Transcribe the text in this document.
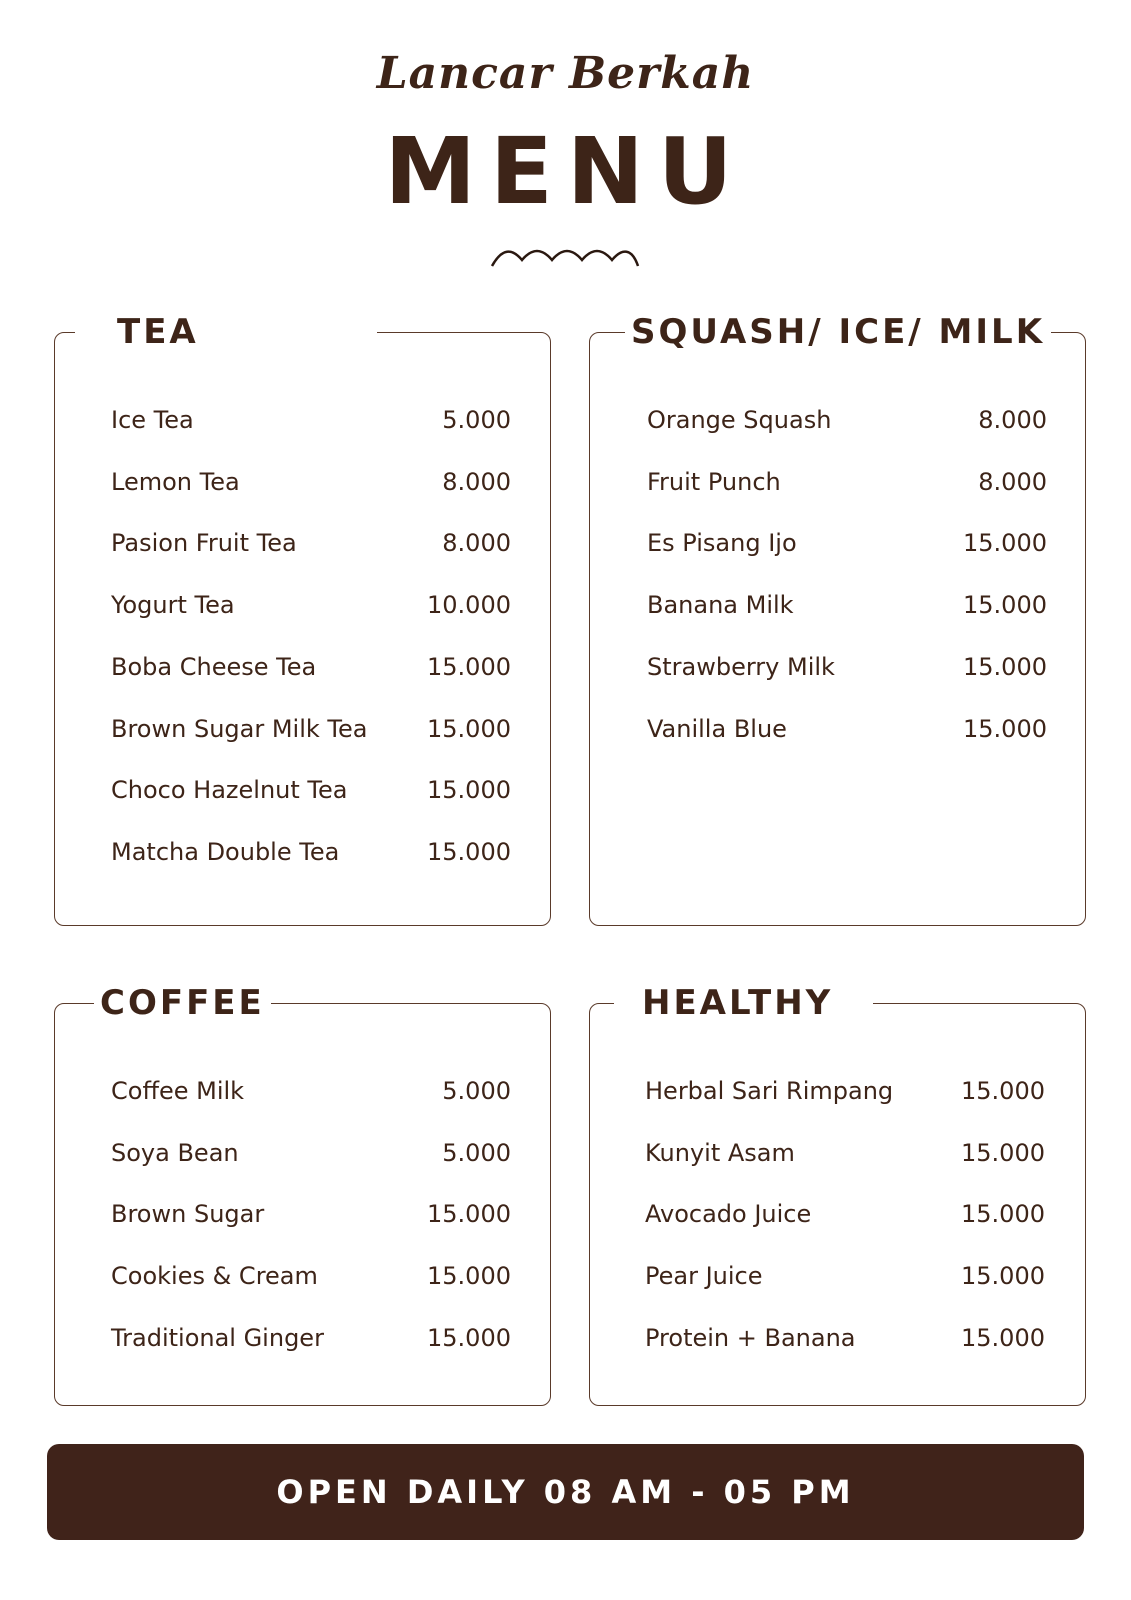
Lancar Berkah
MENU
TEA
Ice Tea	5.000
Lemon Tea	8.000
Pasion Fruit Tea	8.000
Yogurt Tea	10.000
Boba Cheese Tea	15.000
Brown Sugar Milk Tea 15.000
Choco Hazelnut Tea	15.000
Matcha Double Tea	15.000
SQUASH/ ICE/ MILK
Orange Squash	8.000
Fruit Punch	8.000
Es Pisang Ijo	15.000
Banana Milk	15.000
Strawberry Milk	15.000
Vanilla Blue	15.000
COFFEE
Coffee Milk	5.000
Soya Bean	5.000
Brown Sugar	15.000
Cookies & Cream	15.000
Traditional Ginger	15.000
HEALTHY
Herbal Sari Rimpang	15.000
Kunyit Asam	15.000
Avocado Juice	15.000
Pear Juice	15.000
Protein + Banana	15.000
OPEN DAILY 08 AM - 05 PM
